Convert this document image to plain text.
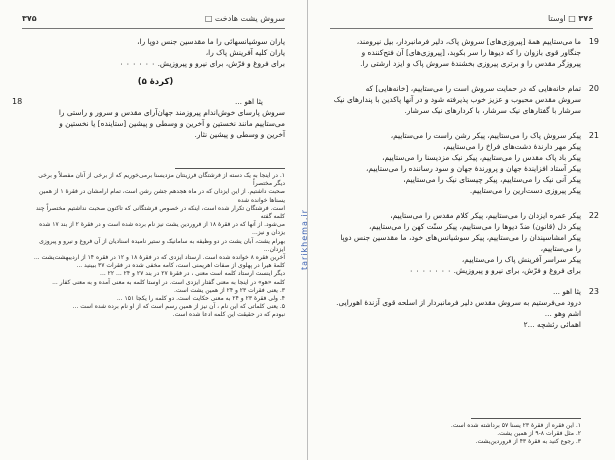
سروش یشت هادخت □
۳۷۵

یاران سوشیانسهائی را ما مقدسین جنس دوپا را،

یاران کلیه آفرینش پاک را،

برای فروغ و فرّش، برای نیرو و پیروزیش. ۰ ۰ ۰ ۰ ۰ ۰

(کردهٔ ۵)
18	یثا اهو ...

سروش پارسای خوش‌اندام پیروزمند جهان‌آرای مقدس و سرور و راستی را

می‌ستاییم مانند نخستین و آخرین و وسطی و پیشین [ستاینده] یا نخستین و

آخرین و وسطی و پیشین نثار.

۱. در اینجا به یک دسته از فرشتگان فرزینتان مزدیسنا برمی‌خوریم که از برخی از آنان مفصلاً و برخی دیگر مختصراً
صحبت داشتیم. از این ایزدان که در ماه هجدهم جشن رشن است، تمام ارامشان در فقرهٔ ۱ از همین یسنا‌ها خوانده شده
است. فرشتگان تکرار شده است، اینکه در خصوص فرشتگانی که تاکنون صحبت نداشتیم مختصراً چند کلمه گفته
می‌شود. از آنها که در فقرهٔ ۱۸ از فروردین یشت نیز نام برده شده است و در فقرهٔ ۲ از بند ۱۷ شده یزدان و نیز...
بهرام یشت، آبان یشت در دو وظیفه به سامانیک و ستیر نامیده اسنادیان از آن فروغ و نیرو و پیروزی ایزدان...
آخرین فقره ۸ خوانده شده است. ارستاد ایزدی که در فقرهٔ ۱۸ و ۱۲ در فقره ۱۴ از اردیبهشت‌یشت ...
کلمهٔ هیرا در پهلوی از صفات اهریمنی است، کامه مخفی شده ‌در فقرات ۳۷ ببینید ...
دیگر اینست ارستاد کلمه است معنی ، در فقرهٔ ۲۷ در بند ۲۷ و ۲۴ ... ۲۲ ...
کلمه «هو» در اینجا به معنی گفتار ایزدی است. در اوستا کلمه به معنی آمده و به معنی کفار ...
۳. یعنی فقرات ۲۳ و ۲۴ از همین یشت است.
۴. ولی فقرهٔ ۲۳ و ۲۴ به معنی حکایت است. دو کلمه را یکجا ۱۵۱ ...
۵. یعنی کلماتی که این نام ، آن نیز از همین رسم است که از او نام برده شده است ...
نبودم که در حقیقت این کلمه ادعا شده است.
۳۷۶ □ اوستا
19

ما می‌ستاییم همهٔ [پیروزی‌های] سروش پاک، دلیر فرمانبردار، بیل نیرومند،

جنگاور قوی بازوان را که دیوها را سر بکوبد، [پیروزی‌های] آن فتح‌کننده و

پیروزگر مقدس را و برتری پیروزی بخشندهٔ سروش پاک و ایزد ارشتی را.

20

تمام خانه‌هایی که در حمایت سروش است را می‌ستاییم، [خانه‌هایی] که

سروش مقدس محبوب و عزیز خوب پذیرفته شود و در آنها پاکدین با پندارهای نیک

سرشار با گفتارهای نیک سرشار، با کردارهای نیک سرشار.

21

پیکر سروش پاک را می‌ستاییم، پیکر رشن راست را می‌ستاییم،

پیکر مهر دارندهٔ دشت‌های فراخ را می‌ستاییم،

پیکر باد پاک مقدس را می‌ستاییم، پیکر نیک مزدیسنا را می‌ستاییم،

پیکر آستاد افزایندهٔ جهان و پرورندهٔ جهان و سود رساننده را می‌ستاییم،

پیکر آنی نیک را می‌ستاییم، پیکر چیستای نیک را می‌ستاییم،

پیکر پیروزی دست‌ارین را می‌ستاییم.

22

پیکر عمره ایزدان را می‌ستاییم، پیکر کلام مقدس را می‌ستاییم،

پیکر دل (قانون) ضدّ دیوها را می‌ستاییم، پیکر سنّت کهن را می‌ستاییم،

پیکر امشاسپندان را می‌ستاییم، پیکر سوشیانس‌های خود، ما مقدسین جنس دوپا

را می‌ستاییم،

پیکر سراسر آفرینش پاک را می‌ستاییم،

برای فروغ و فرّش، برای نیرو و پیروزیش. ۰ ۰ ۰ ۰ ۰ ۰ ۰

23

یثا اهو ...

درود می‌فرستیم به سروش مقدس دلیر فرمانبردار از اسلحه قوی آزندهٔ اهورایی.

اشم وهو ...

اهمائی رئشچه ...۲

۱. این فقره از فقرهٔ ۲۳ یسنا ۵۷ برداشته شده است.
۲. مثل فقرات ۸-۹ از همین یشت.
۳. رجوع کنید به فقرهٔ ۴۳ از فروردین‌یشت.
tarikhema.ir
